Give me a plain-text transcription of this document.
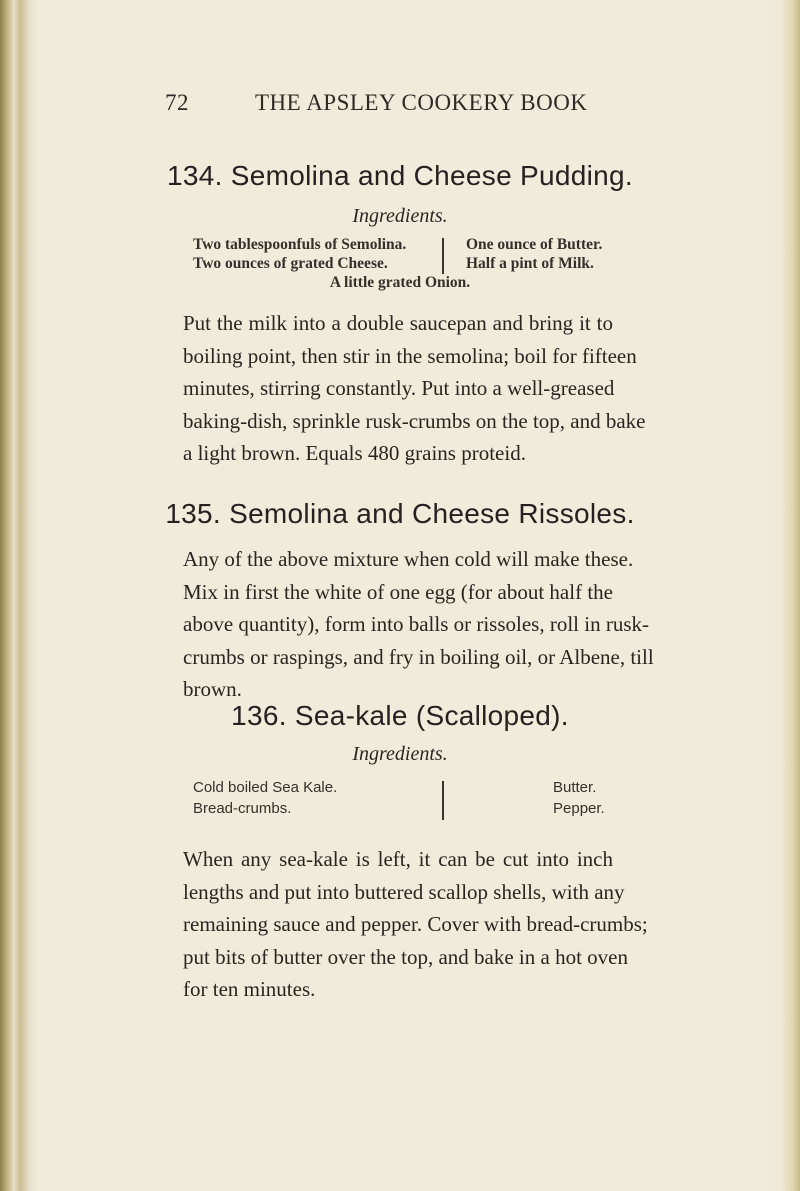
72	THE APSLEY COOKERY BOOK
134. Semolina and Cheese Pudding.
Ingredients.
Two tablespoonfuls of Semolina.
Two ounces of grated Cheese.
One ounce of Butter.
Half a pint of Milk.
A little grated Onion.
Put the milk into a double saucepan and bring it to
boiling point, then stir in the semolina; boil for fifteen
minutes, stirring constantly. Put into a well-greased
baking-dish, sprinkle rusk-crumbs on the top, and bake
a light brown. Equals 480 grains proteid.
135. Semolina and Cheese Rissoles.
Any of the above mixture when cold will make these.
Mix in first the white of one egg (for about half the
above quantity), form into balls or rissoles, roll in rusk-
crumbs or raspings, and fry in boiling oil, or Albene, till
brown.
136. Sea-kale (Scalloped).
Ingredients.
Cold boiled Sea Kale.
Bread-crumbs.
Butter.
Pepper.
When any sea-kale is left, it can be cut into inch
lengths and put into buttered scallop shells, with any
remaining sauce and pepper. Cover with bread-crumbs;
put bits of butter over the top, and bake in a hot oven
for ten minutes.
